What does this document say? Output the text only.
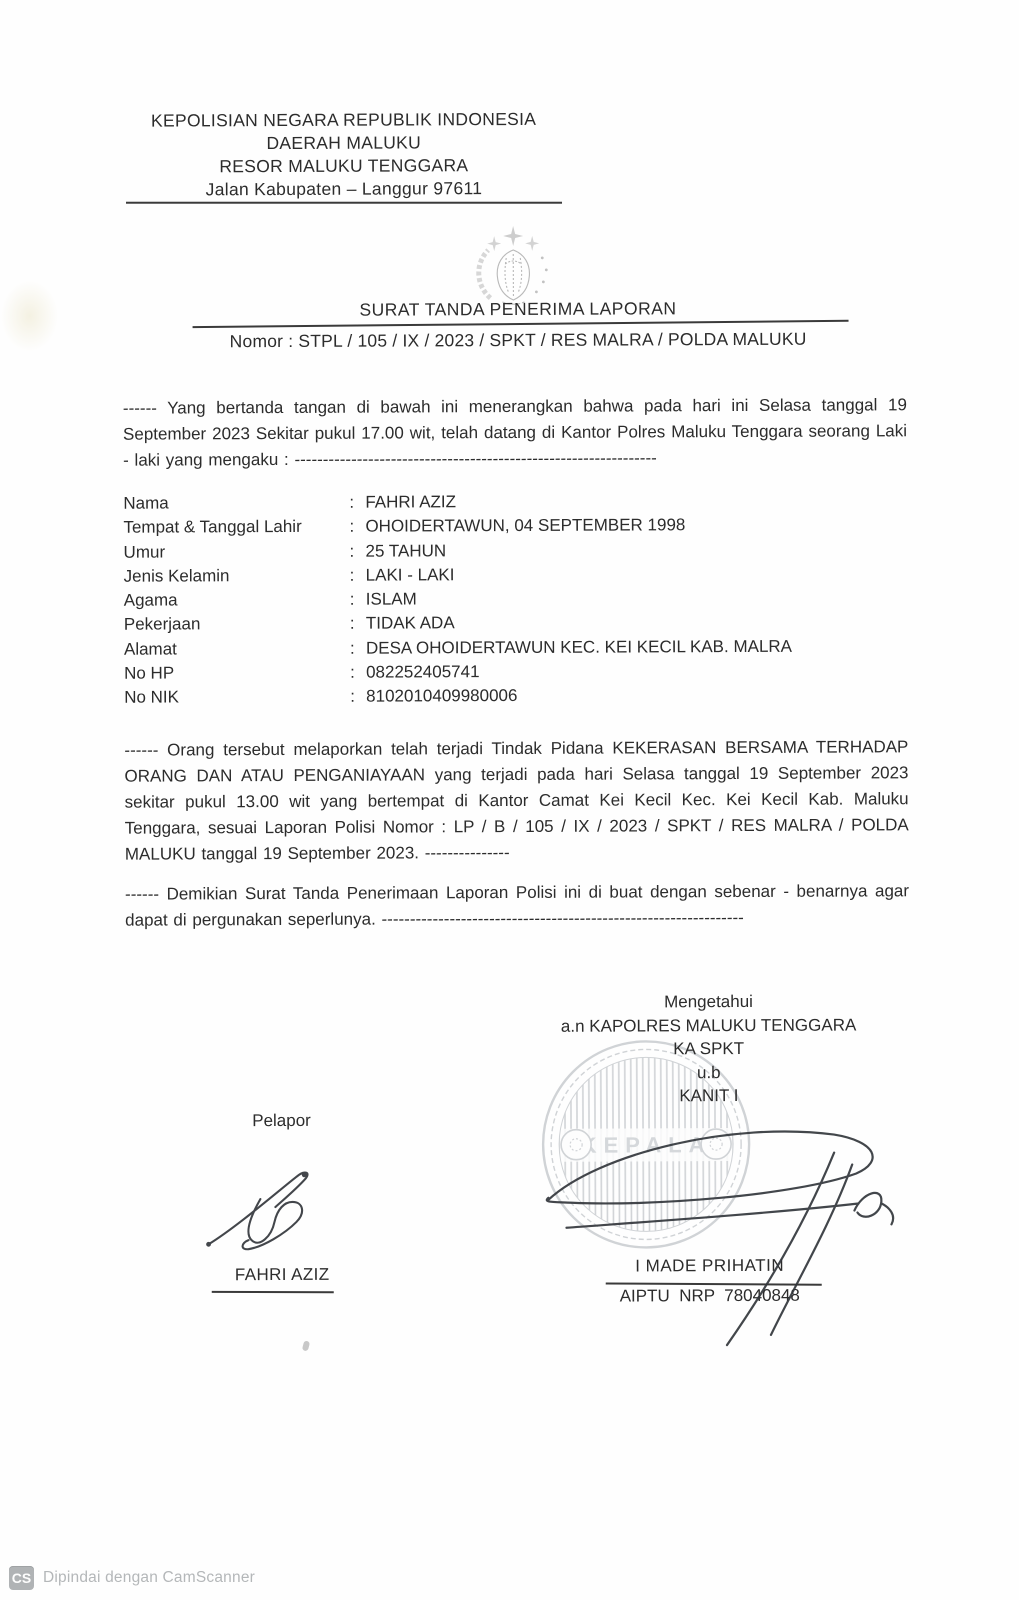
KEPOLISIAN NEGARA REPUBLIK INDONESIA
DAERAH MALUKU
RESOR MALUKU TENGGARA
Jalan Kabupaten – Langgur 97611
SURAT TANDA PENERIMA LAPORAN
Nomor : STPL / 105 / IX / 2023 / SPKT / RES MALRA / POLDA MALUKU

------ Yang bertanda tangan di bawah ini menerangkan bahwa pada hari ini Selasa tanggal 19 September 2023 Sekitar pukul 17.00 wit, telah datang di Kantor Polres Maluku Tenggara seorang Laki - laki yang mengaku : ----------------------------------------------------------------

Nama	: FAHRI AZIZ
Tempat & Tanggal Lahir	: OHOIDERTAWUN, 04 SEPTEMBER 1998
Umur	: 25 TAHUN
Jenis Kelamin	: LAKI - LAKI
Agama	: ISLAM
Pekerjaan	: TIDAK ADA
Alamat	: DESA OHOIDERTAWUN KEC. KEI KECIL KAB. MALRA
No HP	: 082252405741
No NIK	: 8102010409980006

------ Orang tersebut melaporkan telah terjadi Tindak Pidana KEKERASAN BERSAMA TERHADAP ORANG DAN ATAU PENGANIAYAAN yang terjadi pada hari Selasa tanggal 19 September 2023 sekitar pukul 13.00 wit yang bertempat di Kantor Camat Kei Kecil Kec. Kei Kecil Kab. Maluku Tenggara, sesuai Laporan Polisi Nomor : LP / B / 105 / IX / 2023 / SPKT / RES MALRA / POLDA MALUKU tanggal 19 September 2023. ---------------

------ Demikian Surat Tanda Penerimaan Laporan Polisi ini di buat dengan sebenar - benarnya agar dapat di pergunakan seperlunya. ----------------------------------------------------------------

Pelapor
FAHRI AZIZ
Mengetahui
a.n KAPOLRES MALUKU TENGGARA
KA SPKT
u.b
KANIT I
KEPALA
I MADE PRIHATIN
AIPTU  NRP  78040848
CS Dipindai dengan CamScanner
